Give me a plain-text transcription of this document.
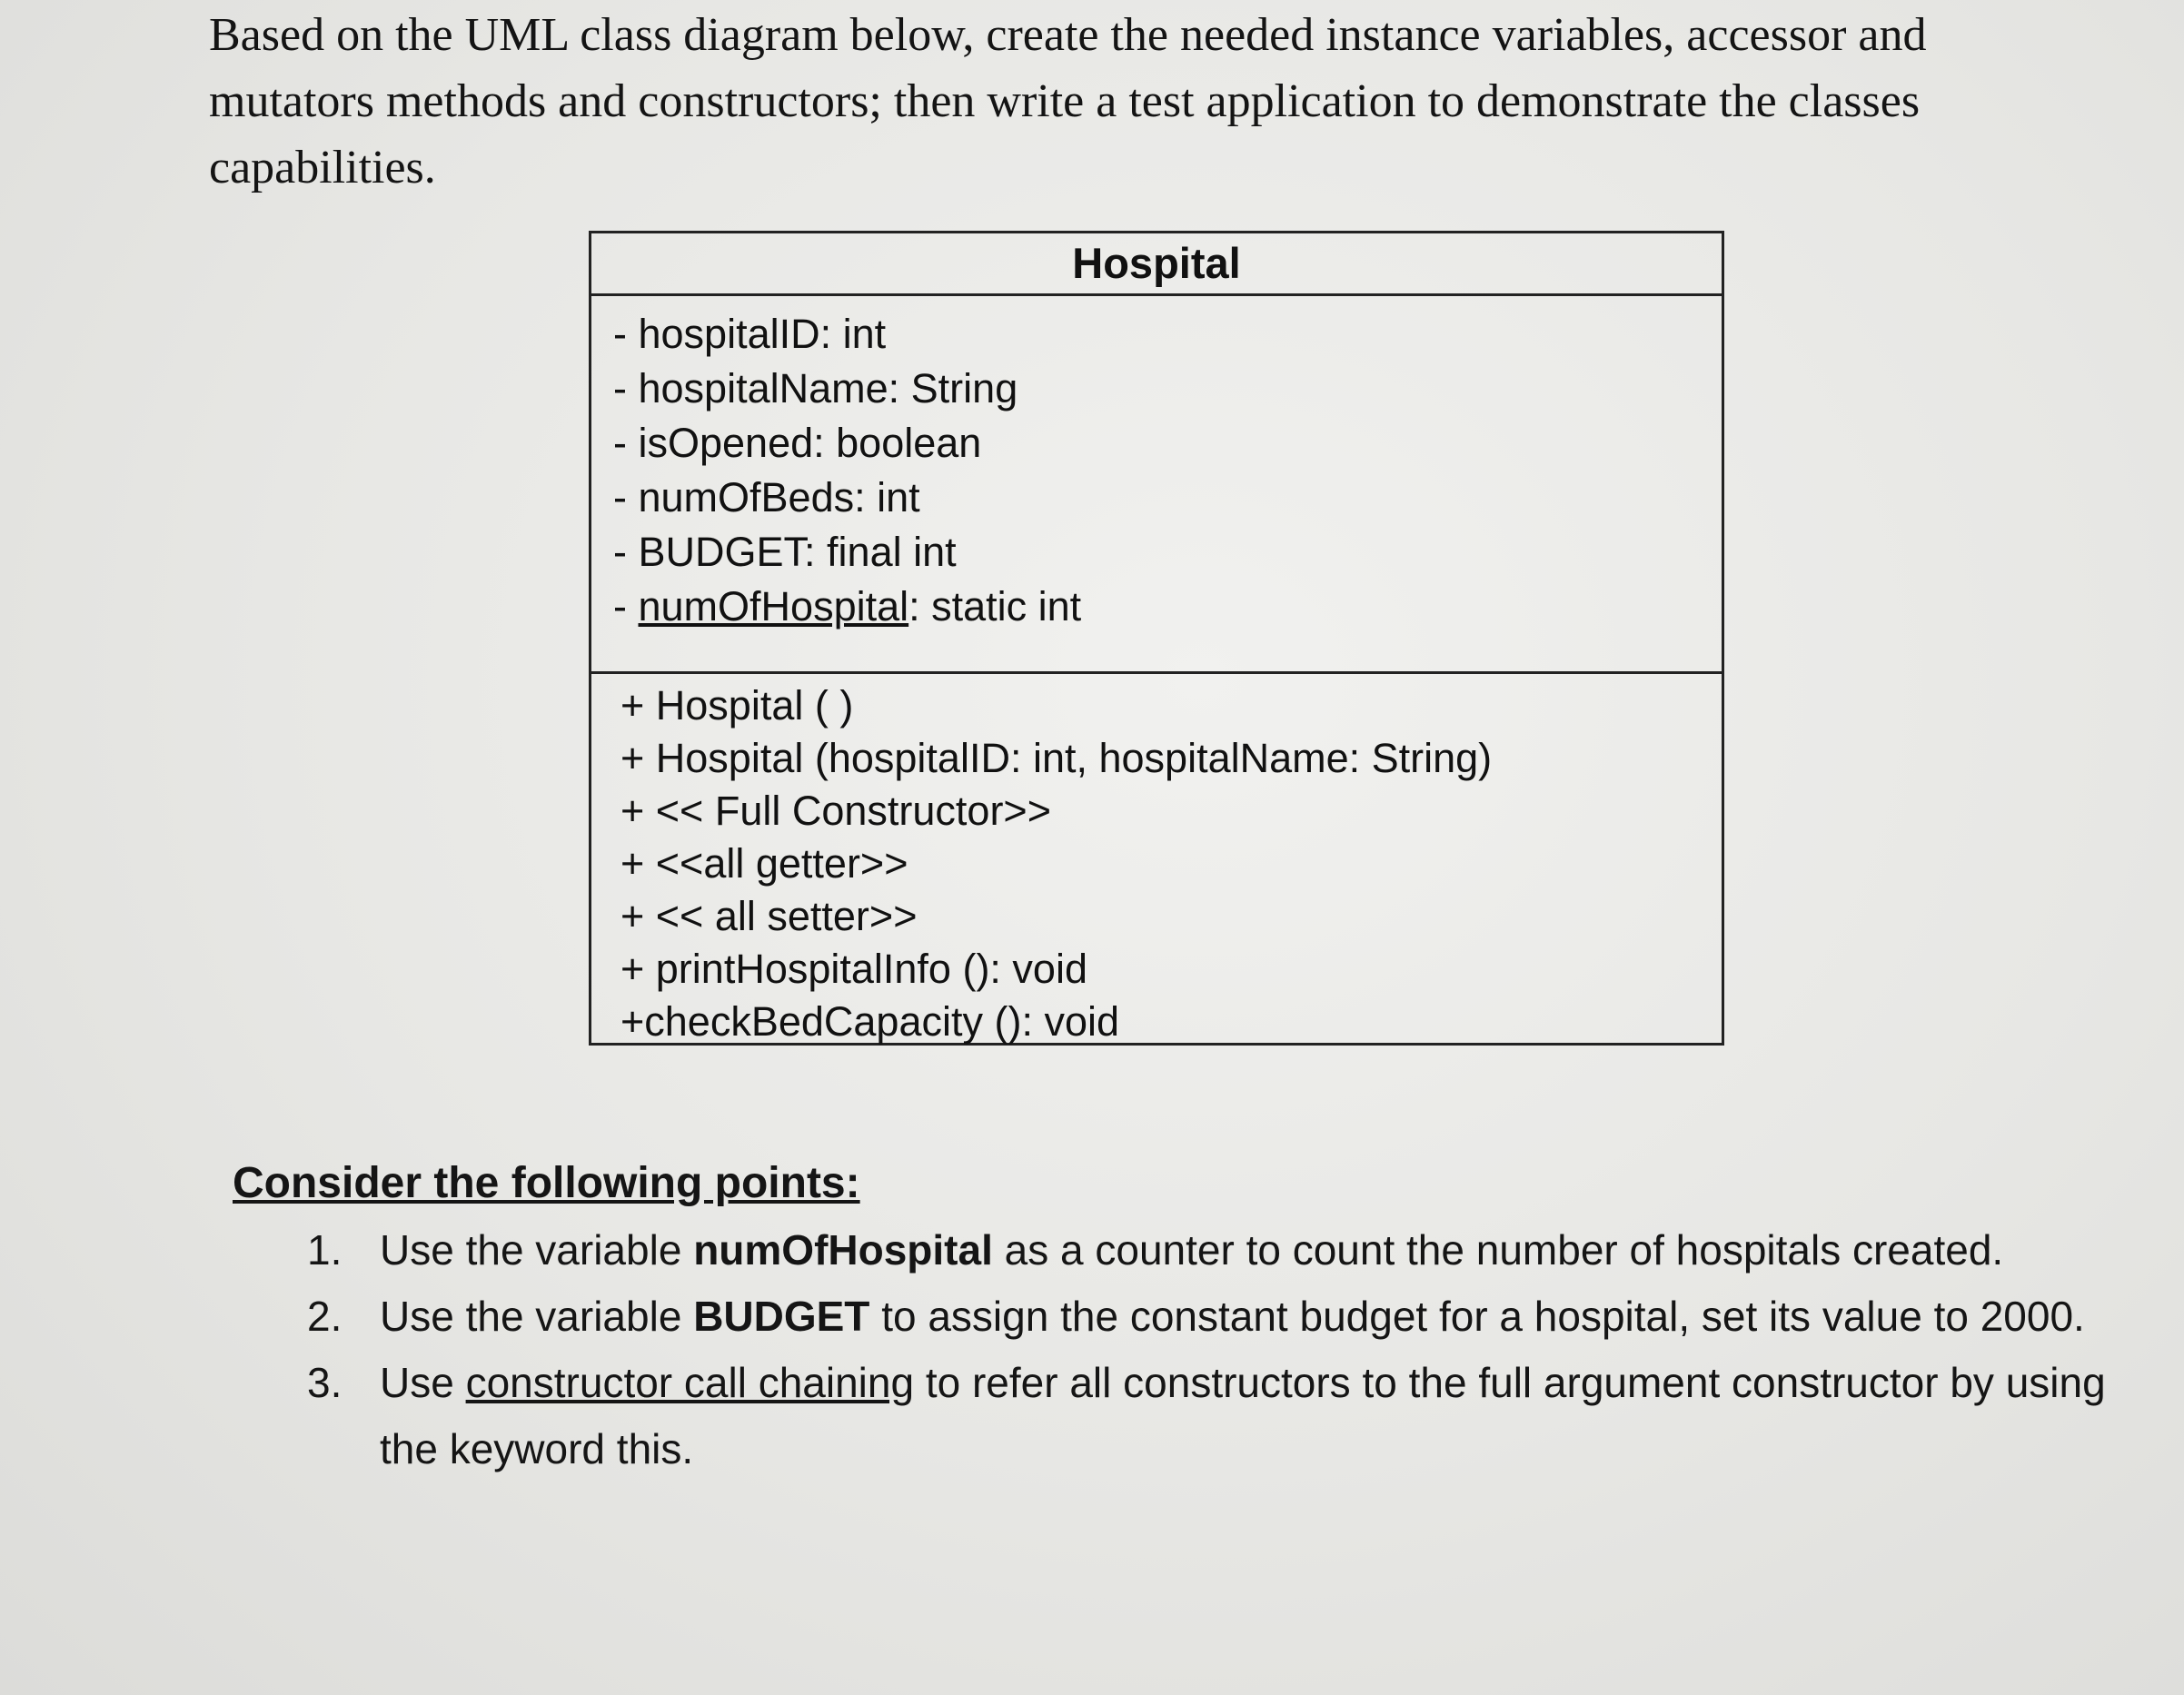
Based on the UML class diagram below, create the needed instance variables, accessor and mutators methods and constructors; then write a test application to demonstrate the classes capabilities.

Hospital
- hospitalID: int
- hospitalName: String
- isOpened: boolean
- numOfBeds: int
- BUDGET: final int
- numOfHospital: static int
+ Hospital ( )
+ Hospital (hospitalID: int, hospitalName: String)
+ << Full Constructor>>
+ <<all getter>>
+ << all setter>>
+ printHospitalInfo (): void
+checkBedCapacity (): void
Consider the following points:
1. Use the variable numOfHospital as a counter to count the number of hospitals created.
2. Use the variable BUDGET to assign the constant budget for a hospital, set its value to 2000.
3. Use constructor call chaining to refer all constructors to the full argument constructor by using the keyword this.
